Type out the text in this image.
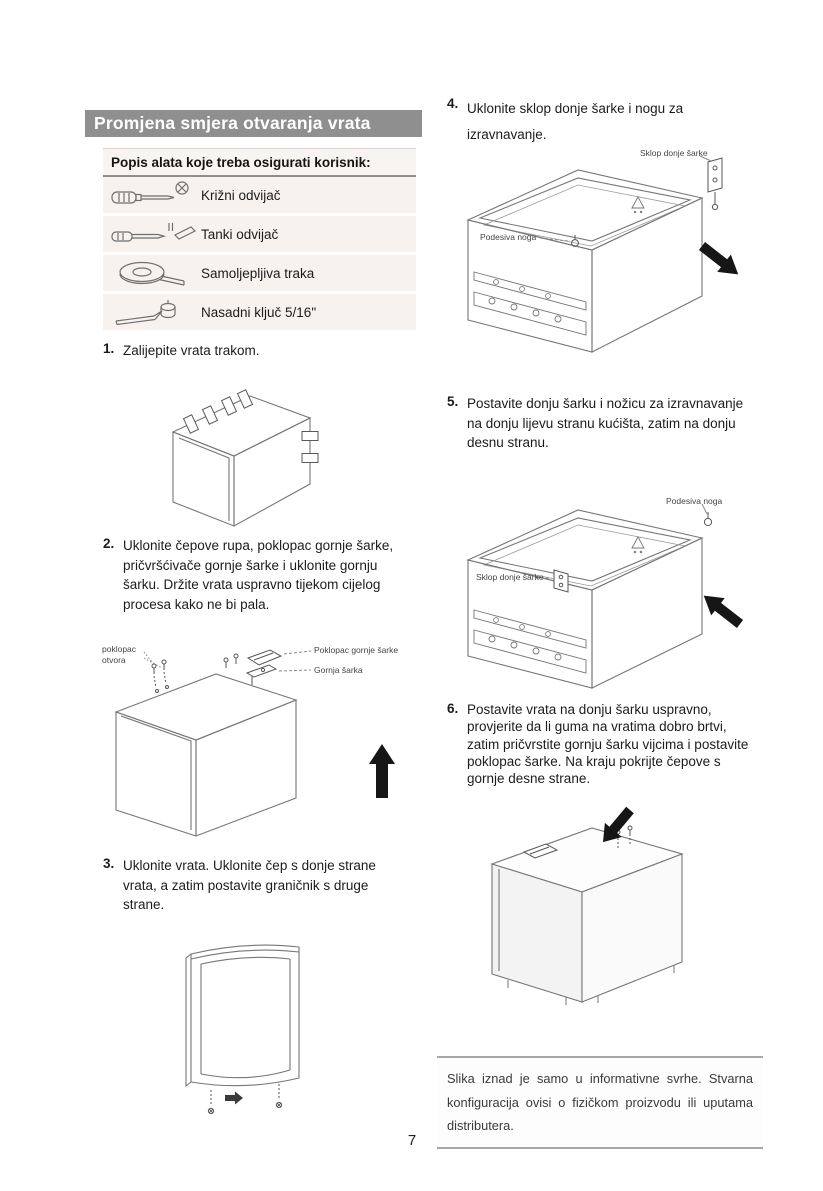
Promjena smjera otvaranja vrata
Popis alata koje treba osigurati korisnik:
Križni odvijač
Tanki odvijač
Samoljepljiva traka
Nasadni ključ 5/16"
1. Zalijepite vrata trakom.
2. Uklonite čepove rupa, poklopac gornje šarke, pričvršćivače gornje šarke i uklonite gornju šarku. Držite vrata uspravno tijekom cijelog procesa kako ne bi pala.
poklopac otvora
Poklopac gornje šarke
Gornja šarka
3. Uklonite vrata. Uklonite čep s donje strane vrata, a zatim postavite graničnik s druge strane.
4. Uklonite sklop donje šarke i nogu za izravnavanje.
Sklop donje šarke
Podesiva noga
5. Postavite donju šarku i nožicu za izravnavanje na donju lijevu stranu kućišta, zatim na donju desnu stranu.
Podesiva noga
Sklop donje šarke
6. Postavite vrata na donju šarku uspravno, provjerite da li guma na vratima dobro brtvi, zatim pričvrstite gornju šarku vijcima i postavite poklopac šarke. Na kraju pokrijte čepove s gornje desne strane.
Slika iznad je samo u informativne svrhe. Stvarna konfiguracija ovisi o fizičkom proizvodu ili uputama distributera.
7
